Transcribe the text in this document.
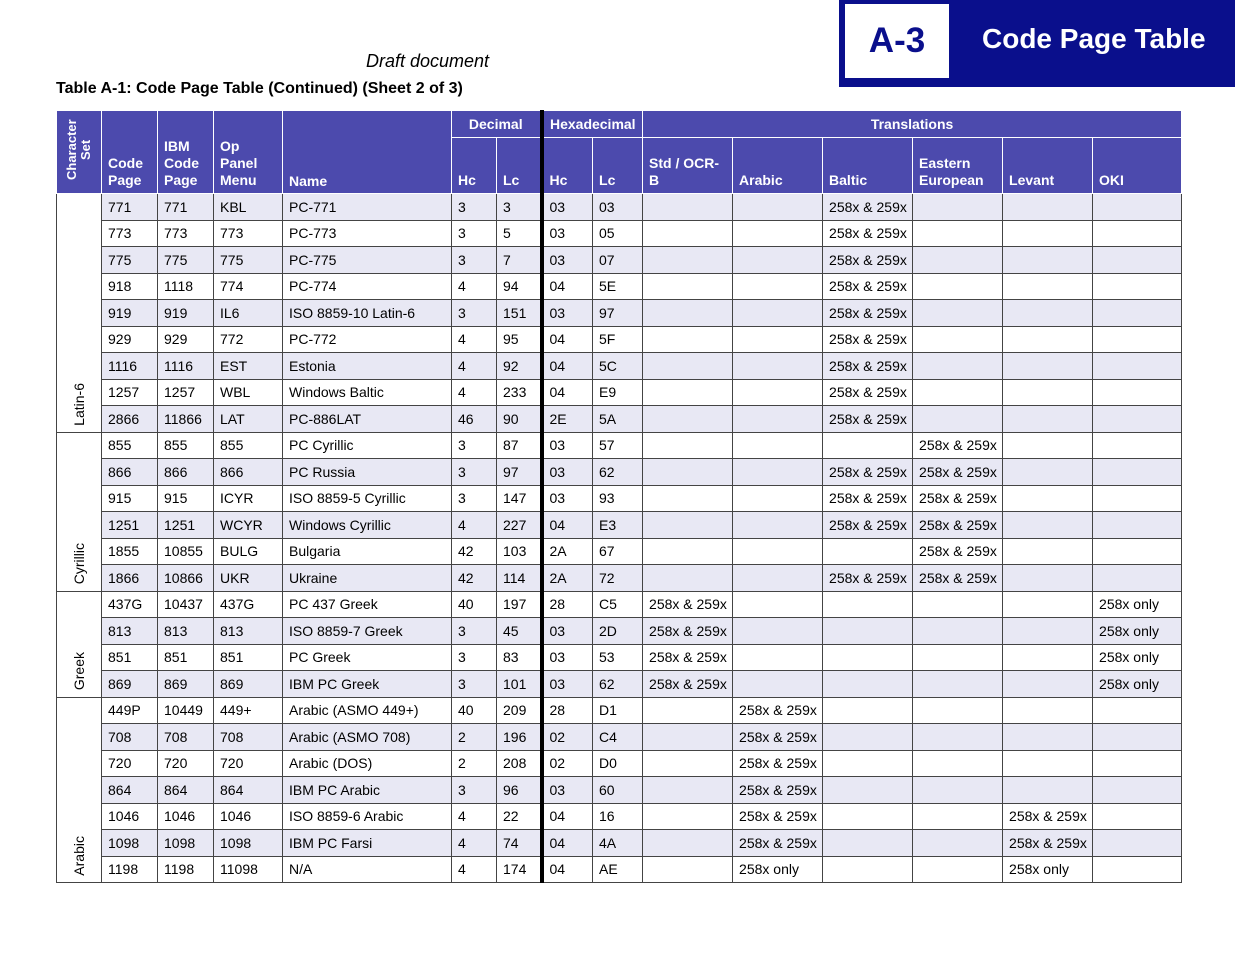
A-3	Code Page Table
Draft document
Table A-1: Code Page Table (Continued) (Sheet 2 of 3)
Character Set	Code Page	IBM Code Page	Op Panel Menu	Name	Decimal		Hexadecimal		Translations					
					Hc	Lc	Hc	Lc	Std / OCR-B	Arabic	Baltic	Eastern European	Levant	OKI

Latin-6	771	771	KBL	PC-771	3	3	03	03			258x & 259x			
	773	773	773	PC-773	3	5	03	05			258x & 259x			
	775	775	775	PC-775	3	7	03	07			258x & 259x			
	918	1118	774	PC-774	4	94	04	5E			258x & 259x			
	919	919	IL6	ISO 8859-10 Latin-6	3	151	03	97			258x & 259x			
	929	929	772	PC-772	4	95	04	5F			258x & 259x			
	1116	1116	EST	Estonia	4	92	04	5C			258x & 259x			
	1257	1257	WBL	Windows Baltic	4	233	04	E9			258x & 259x			
	2866	11866	LAT	PC-886LAT	46	90	2E	5A			258x & 259x			

Cyrillic	855	855	855	PC Cyrillic	3	87	03	57				258x & 259x		
	866	866	866	PC Russia	3	97	03	62			258x & 259x	258x & 259x		
	915	915	ICYR	ISO 8859-5 Cyrillic	3	147	03	93			258x & 259x	258x & 259x		
	1251	1251	WCYR	Windows Cyrillic	4	227	04	E3			258x & 259x	258x & 259x		
	1855	10855	BULG	Bulgaria	42	103	2A	67				258x & 259x		
	1866	10866	UKR	Ukraine	42	114	2A	72			258x & 259x	258x & 259x		

Greek	437G	10437	437G	PC 437 Greek	40	197	28	C5	258x & 259x					258x only
	813	813	813	ISO 8859-7 Greek	3	45	03	2D	258x & 259x					258x only
	851	851	851	PC Greek	3	83	03	53	258x & 259x					258x only
	869	869	869	IBM PC Greek	3	101	03	62	258x & 259x					258x only

Arabic	449P	10449	449+	Arabic (ASMO 449+)	40	209	28	D1		258x & 259x				
	708	708	708	Arabic (ASMO 708)	2	196	02	C4		258x & 259x				
	720	720	720	Arabic (DOS)	2	208	02	D0		258x & 259x				
	864	864	864	IBM PC Arabic	3	96	03	60		258x & 259x				
	1046	1046	1046	ISO 8859-6 Arabic	4	22	04	16		258x & 259x			258x & 259x	
	1098	1098	1098	IBM PC Farsi	4	74	04	4A		258x & 259x			258x & 259x	
	1198	1198	11098	N/A	4	174	04	AE		258x only			258x only	
